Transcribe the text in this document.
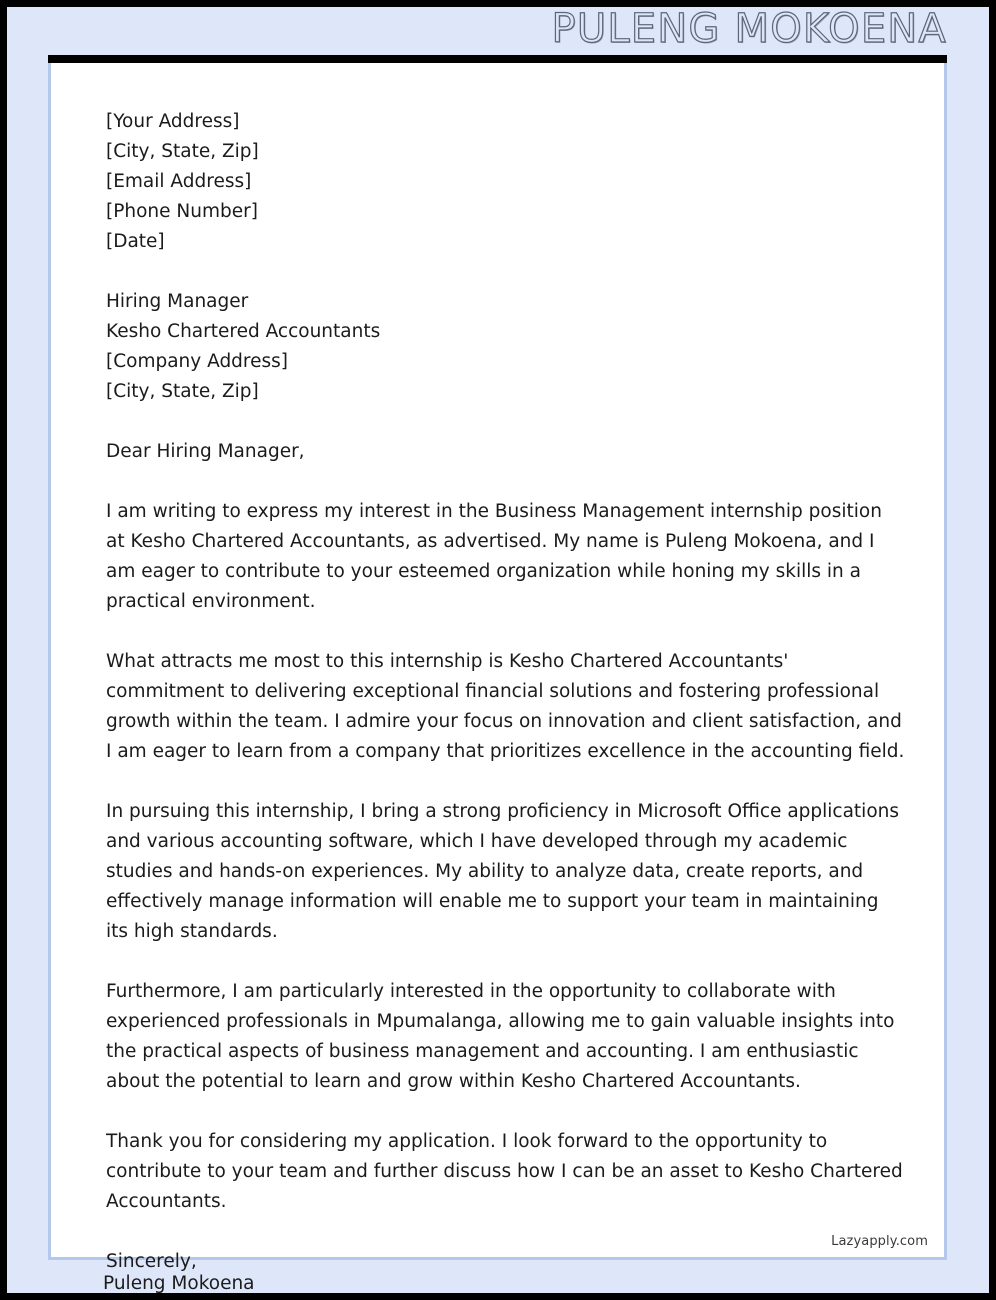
PULENG MOKOENA

[Your Address]

[City, State, Zip]

[Email Address]

[Phone Number]

[Date]

Hiring Manager

Kesho Chartered Accountants

[Company Address]

[City, State, Zip]

Dear Hiring Manager,

I am writing to express my interest in the Business Management internship position at Kesho Chartered Accountants, as advertised. My name is Puleng Mokoena, and I am eager to contribute to your esteemed organization while honing my skills in a practical environment.

What attracts me most to this internship is Kesho Chartered Accountants' commitment to delivering exceptional financial solutions and fostering professional growth within the team. I admire your focus on innovation and client satisfaction, and I am eager to learn from a company that prioritizes excellence in the accounting field.

In pursuing this internship, I bring a strong proficiency in Microsoft Office applications and various accounting software, which I have developed through my academic studies and hands-on experiences. My ability to analyze data, create reports, and effectively manage information will enable me to support your team in maintaining its high standards.

Furthermore, I am particularly interested in the opportunity to collaborate with experienced professionals in Mpumalanga, allowing me to gain valuable insights into the practical aspects of business management and accounting. I am enthusiastic about the potential to learn and grow within Kesho Chartered Accountants.

Thank you for considering my application. I look forward to the opportunity to contribute to your team and further discuss how I can be an asset to Kesho Chartered Accountants.

Sincerely,

Lazyapply.com
Puleng Mokoena
